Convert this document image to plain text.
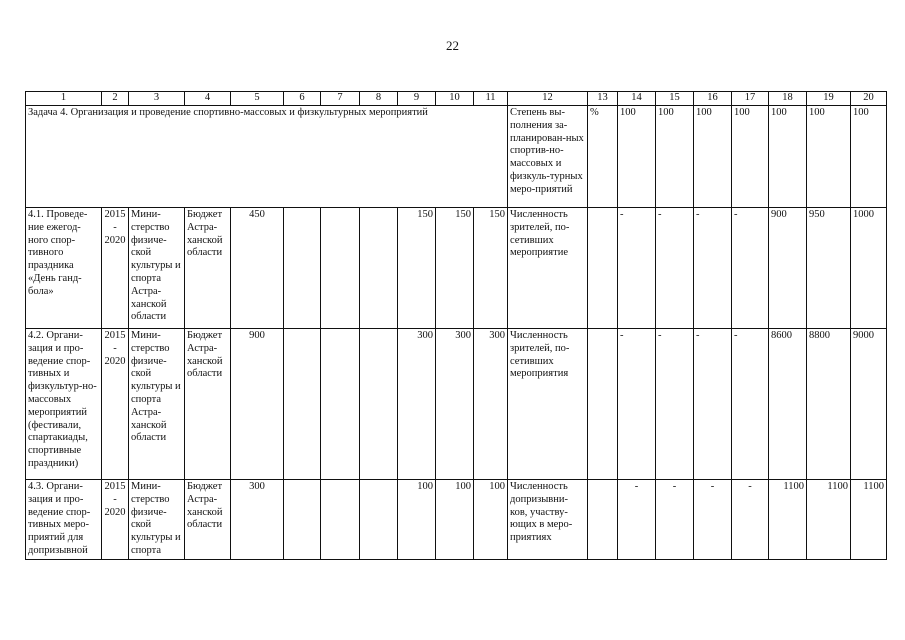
22
1	2	3	4	5	6	7	8	9	10	11	12	13	14	15	16	17	18	19	20
Задача 4. Организация и проведение спортивно-массовых и физкультурных мероприятий											Степень вы-полнения за-планирован-ных спортив-но-массовых и физкуль-турных меро-приятий	%	100	100	100	100	100	100	100
4.1. Проведе-ние ежегод-ного спор-тивного праздника «День ганд-бола»	2015 - 2020	Мини-стерство физиче-ской культуры и спорта Астра-ханской области	Бюджет Астра-ханской области	450				150	150	150	Численность зрителей, по-сетивших мероприятие		-	-	-	-	900	950	1000
4.2. Органи-зация и про-ведение спор-тивных и физкультур-но-массовых мероприятий (фестивали, спартакиады, спортивные праздники)	2015 - 2020	Мини-стерство физиче-ской культуры и спорта Астра-ханской области	Бюджет Астра-ханской области	900				300	300	300	Численность зрителей, по-сетивших мероприятия		-	-	-	-	8600	8800	9000
4.3. Органи-зация и про-ведение спор-тивных меро-приятий для допризывной	2015 - 2020	Мини-стерство физиче-ской культуры и спорта	Бюджет Астра-ханской области	300				100	100	100	Численность допризывни-ков, участву-ющих в меро-приятиях		-	-	-	-	1100	1100	1100
